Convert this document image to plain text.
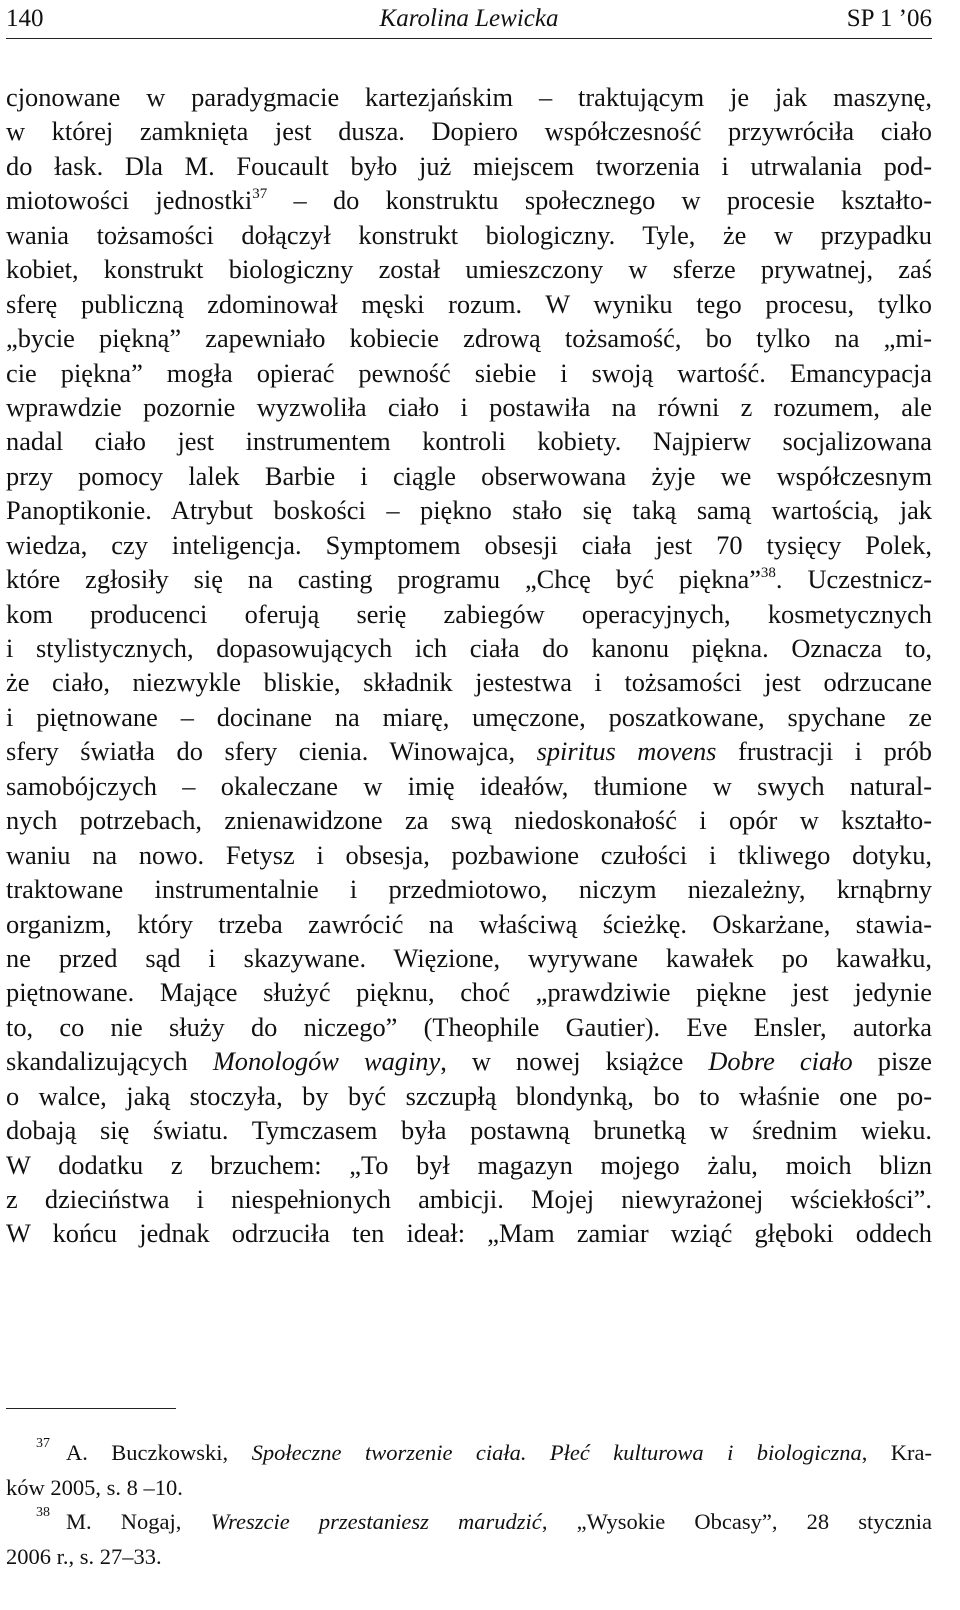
140	Karolina Lewicka	SP 1 ’06
cjonowane w paradygmacie kartezjańskim – traktującym je jak maszynę,
w której zamknięta jest dusza. Dopiero współczesność przywróciła ciało
do łask. Dla M. Foucault było już miejscem tworzenia i utrwalania pod-
miotowości jednostki$^{37}$ – do konstruktu społecznego w procesie kształto-
wania tożsamości dołączył konstrukt biologiczny. Tyle, że w przypadku
kobiet, konstrukt biologiczny został umieszczony w sferze prywatnej, zaś
sferę publiczną zdominował męski rozum. W wyniku tego procesu, tylko
„bycie piękną” zapewniało kobiecie zdrową tożsamość, bo tylko na „mi-
cie piękna” mogła opierać pewność siebie i swoją wartość. Emancypacja
wprawdzie pozornie wyzwoliła ciało i postawiła na równi z rozumem, ale
nadal ciało jest instrumentem kontroli kobiety. Najpierw socjalizowana
przy pomocy lalek Barbie i ciągle obserwowana żyje we współczesnym
Panoptikonie. Atrybut boskości – piękno stało się taką samą wartością, jak
wiedza, czy inteligencja. Symptomem obsesji ciała jest 70 tysięcy Polek,
które zgłosiły się na casting programu „Chcę być piękna”$^{38}$. Uczestnicz-
kom producenci oferują serię zabiegów operacyjnych, kosmetycznych
i stylistycznych, dopasowujących ich ciała do kanonu piękna. Oznacza to,
że ciało, niezwykle bliskie, składnik jestestwa i tożsamości jest odrzucane
i piętnowane – docinane na miarę, umęczone, poszatkowane, spychane ze
sfery światła do sfery cienia. Winowajca, spiritus movens frustracji i prób
samobójczych – okaleczane w imię ideałów, tłumione w swych natural-
nych potrzebach, znienawidzone za swą niedoskonałość i opór w kształto-
waniu na nowo. Fetysz i obsesja, pozbawione czułości i tkliwego dotyku,
traktowane instrumentalnie i przedmiotowo, niczym niezależny, krnąbrny
organizm, który trzeba zawrócić na właściwą ścieżkę. Oskarżane, stawia-
ne przed sąd i skazywane. Więzione, wyrywane kawałek po kawałku,
piętnowane. Mające służyć pięknu, choć „prawdziwie piękne jest jedynie
to, co nie służy do niczego” (Theophile Gautier). Eve Ensler, autorka
skandalizujących Monologów waginy, w nowej książce Dobre ciało pisze
o walce, jaką stoczyła, by być szczupłą blondynką, bo to właśnie one po-
dobają się światu. Tymczasem była postawną brunetką w średnim wieku.
W dodatku z brzuchem: „To był magazyn mojego żalu, moich blizn
z dzieciństwa i niespełnionych ambicji. Mojej niewyrażonej wściekłości”.
W końcu jednak odrzuciła ten ideał: „Mam zamiar wziąć głęboki oddech
$^{37}$ A. Buczkowski, Społeczne tworzenie ciała. Płeć kulturowa i biologiczna, Kra-
ków 2005, s. 8 –10.
$^{38}$ M. Nogaj, Wreszcie przestaniesz marudzić, „Wysokie Obcasy”, 28 stycznia
2006 r., s. 27–33.
